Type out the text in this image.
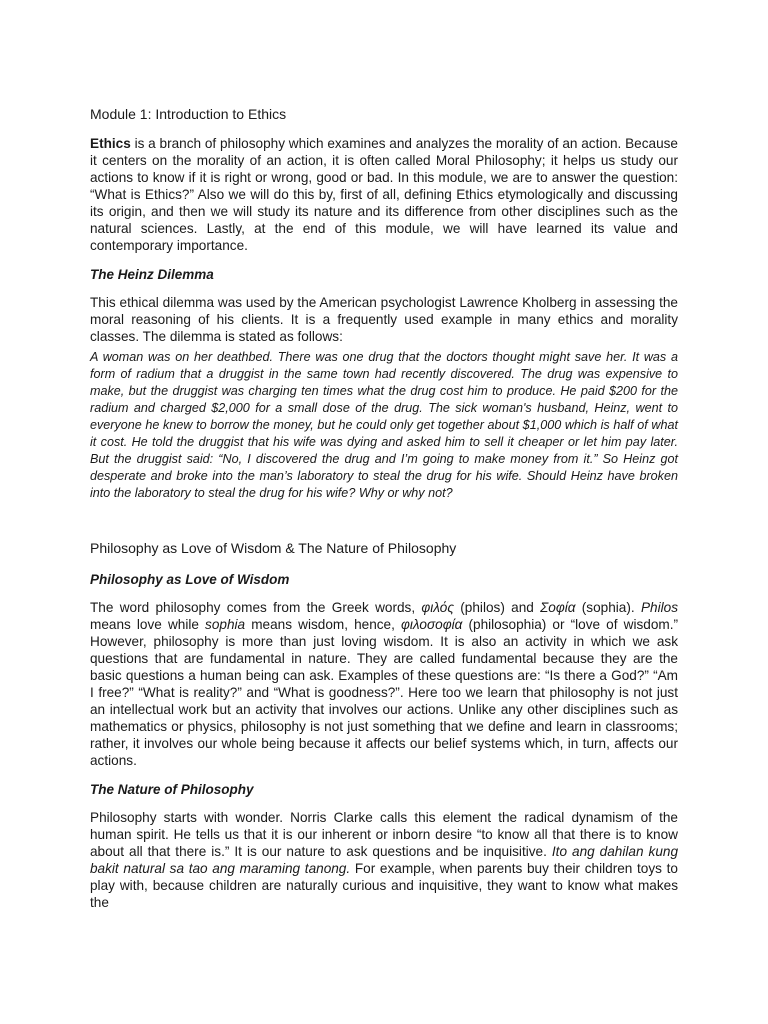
Module 1: Introduction to Ethics

Ethics is a branch of philosophy which examines and analyzes the morality of an action. Because it centers on the morality of an action, it is often called Moral Philosophy; it helps us study our actions to know if it is right or wrong, good or bad. In this module, we are to answer the question: “What is Ethics?” Also we will do this by, first of all, defining Ethics etymologically and discussing its origin, and then we will study its nature and its difference from other disciplines such as the natural sciences. Lastly, at the end of this module, we will have learned its value and contemporary importance.

The Heinz Dilemma

This ethical dilemma was used by the American psychologist Lawrence Kholberg in assessing the moral reasoning of his clients. It is a frequently used example in many ethics and morality classes. The dilemma is stated as follows:

A woman was on her deathbed. There was one drug that the doctors thought might save her. It was a form of radium that a druggist in the same town had recently discovered. The drug was expensive to make, but the druggist was charging ten times what the drug cost him to produce. He paid $200 for the radium and charged $2,000 for a small dose of the drug. The sick woman's husband, Heinz, went to everyone he knew to borrow the money, but he could only get together about $1,000 which is half of what it cost. He told the druggist that his wife was dying and asked him to sell it cheaper or let him pay later. But the druggist said: “No, I discovered the drug and I’m going to make money from it.” So Heinz got desperate and broke into the man’s laboratory to steal the drug for his wife. Should Heinz have broken into the laboratory to steal the drug for his wife? Why or why not?

Philosophy as Love of Wisdom & The Nature of Philosophy

Philosophy as Love of Wisdom

The word philosophy comes from the Greek words, φιλός (philos) and Σοφία (sophia). Philos means love while sophia means wisdom, hence, φιλοσοφία (philosophia) or “love of wisdom.” However, philosophy is more than just loving wisdom. It is also an activity in which we ask questions that are fundamental in nature. They are called fundamental because they are the basic questions a human being can ask. Examples of these questions are: “Is there a God?” “Am I free?” “What is reality?” and “What is goodness?”. Here too we learn that philosophy is not just an intellectual work but an activity that involves our actions. Unlike any other disciplines such as mathematics or physics, philosophy is not just something that we define and learn in classrooms; rather, it involves our whole being because it affects our belief systems which, in turn, affects our actions.

The Nature of Philosophy

Philosophy starts with wonder. Norris Clarke calls this element the radical dynamism of the human spirit. He tells us that it is our inherent or inborn desire “to know all that there is to know about all that there is.” It is our nature to ask questions and be inquisitive. Ito ang dahilan kung bakit natural sa tao ang maraming tanong. For example, when parents buy their children toys to play with, because children are naturally curious and inquisitive, they want to know what makes the
